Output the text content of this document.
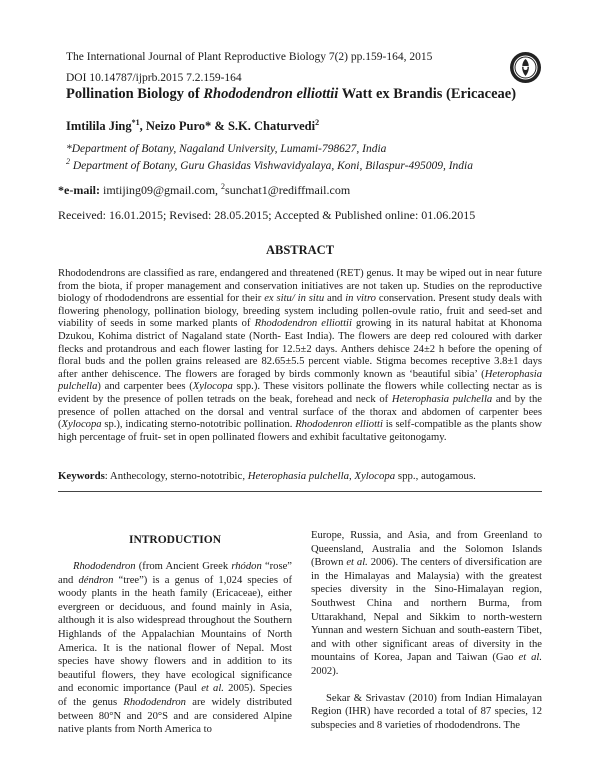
The International Journal of Plant Reproductive Biology 7(2) pp.159-164, 2015
DOI 10.14787/ijprb.2015 7.2.159-164
Pollination Biology of Rhododendron elliottii Watt ex Brandis (Ericaceae)
Imtilila Jing$^{*1}$, Neizo Puro* & S.K. Chaturvedi$^2$
*Department of Botany, Nagaland University, Lumami-798627, India
$^2$ Department of Botany, Guru Ghasidas Vishwavidyalaya, Koni, Bilaspur-495009, India
*e-mail: imtijing09@gmail.com, $^2$sunchat1@rediffmail.com
Received: 16.01.2015; Revised: 28.05.2015; Accepted & Published online: 01.06.2015
ABSTRACT
Rhododendrons are classified as rare, endangered and threatened (RET) genus. It may be wiped out in near future from the biota, if proper management and conservation initiatives are not taken up. Studies on the reproductive biology of rhododendrons are essential for their ex situ/ in situ and in vitro conservation. Present study deals with flowering phenology, pollination biology, breeding system including pollen-ovule ratio, fruit and seed-set and viability of seeds in some marked plants of Rhododendron elliottii growing in its natural habitat at Khonoma Dzukou, Kohima district of Nagaland state (North- East India). The flowers are deep red coloured with darker flecks and protandrous and each flower lasting for 12.5±2 days. Anthers dehisce 24±2 h before the opening of floral buds and the pollen grains released are 82.65±5.5 percent viable. Stigma becomes receptive 3.8±1 days after anther dehiscence. The flowers are foraged by birds commonly known as ‘beautiful sibia’ (Heterophasia pulchella) and carpenter bees (Xylocopa spp.). These visitors pollinate the flowers while collecting nectar as is evident by the presence of pollen tetrads on the beak, forehead and neck of Heterophasia pulchella and by the presence of pollen attached on the dorsal and ventral surface of the thorax and abdomen of carpenter bees (Xylocopa sp.), indicating sterno-nototribic pollination. Rhododenron elliotti is self-compatible as the plants show high percentage of fruit- set in open pollinated flowers and exhibit facultative geitonogamy.
Keywords: Anthecology, sterno-nototribic, Heterophasia pulchella, Xylocopa spp., autogamous.
INTRODUCTION

Rhododendron (from Ancient Greek rhódon “rose” and déndron “tree”) is a genus of 1,024 species of woody plants in the heath family (Ericaceae), either evergreen or deciduous, and found mainly in Asia, although it is also widespread throughout the Southern Highlands of the Appalachian Mountains of North America. It is the national flower of Nepal. Most species have showy flowers and in addition to its beautiful flowers, they have ecological significance and economic importance (Paul et al. 2005). Species of the genus Rhododendron are widely distributed between 80°N and 20°S and are considered Alpine native plants from North America to

Europe, Russia, and Asia, and from Greenland to Queensland, Australia and the Solomon Islands (Brown et al. 2006). The centers of diversification are in the Himalayas and Malaysia) with the greatest species diversity in the Sino-Himalayan region, Southwest China and northern Burma, from Uttarakhand, Nepal and Sikkim to north-western Yunnan and western Sichuan and south-eastern Tibet, and with other significant areas of diversity in the mountains of Korea, Japan and Taiwan (Gao et al. 2002).

Sekar & Srivastav (2010) from Indian Himalayan Region (IHR) have recorded a total of 87 species, 12 subspecies and 8 varieties of rhododendrons. The
